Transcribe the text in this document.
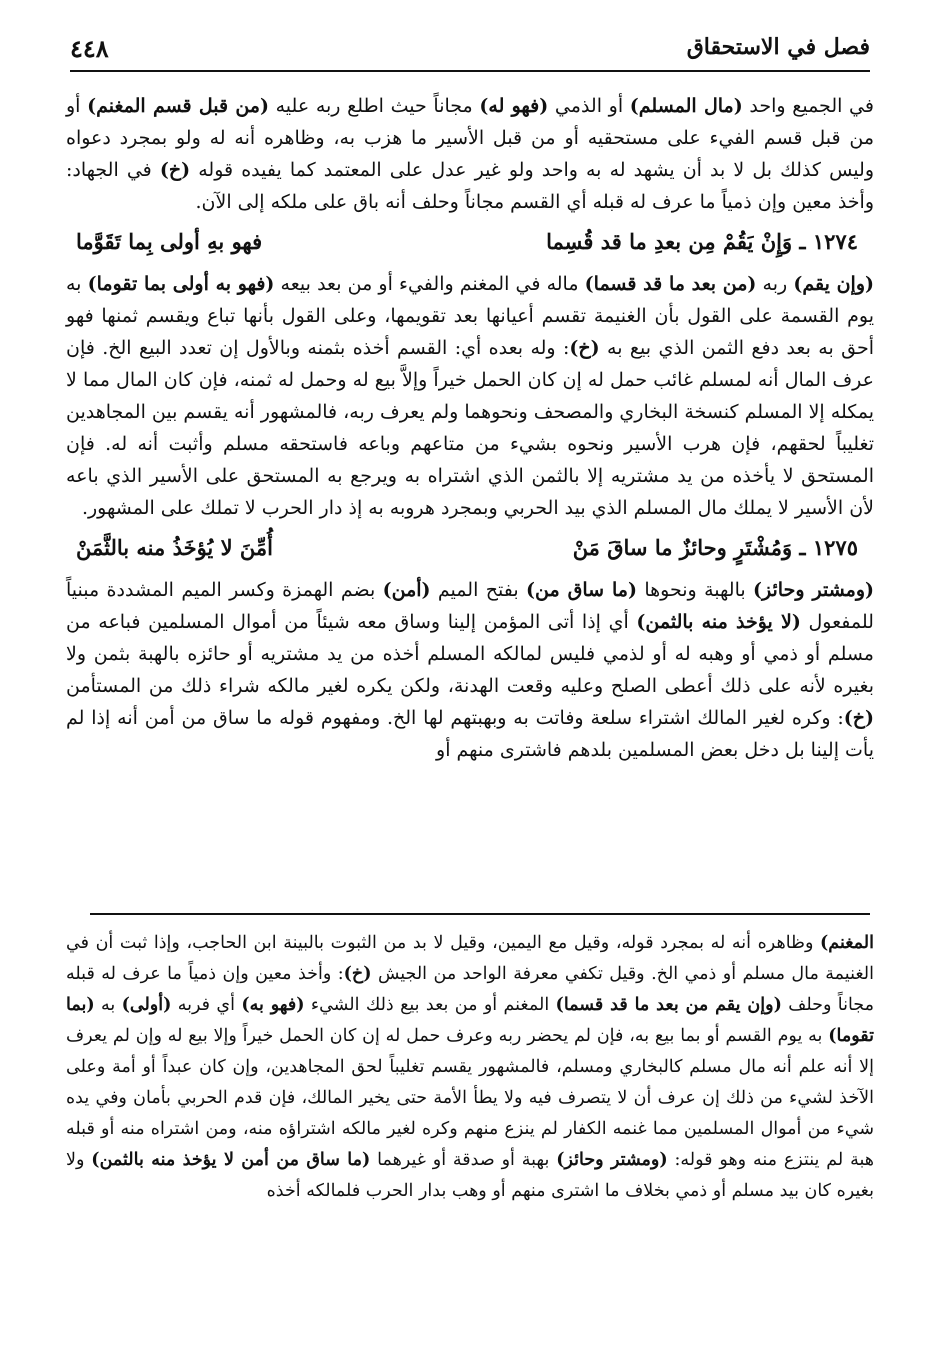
٤٤٨	فصل في الاستحقاق

في الجميع واحد (مال المسلم) أو الذمي (فهو له) مجاناً حيث اطلع ربه عليه (من قبل قسم المغنم) أو من قبل قسم الفيء على مستحقيه أو من قبل الأسير ما هزب به، وظاهره أنه له ولو بمجرد دعواه وليس كذلك بل لا بد أن يشهد له به واحد ولو غير عدل على المعتمد كما يفيده قوله (خ) في الجهاد: وأخذ معين وإن ذمياً ما عرف له قبله أي القسم مجاناً وحلف أنه باق على ملكه إلى الآن.

١٢٧٤ ـ وَإِنْ يَقُمْ مِن بعدِ ما قد قُسِما
فهو بهِ أولى بِما تَقَوَّما

(وإن يقم) ربه (من بعد ما قد قسما) ماله في المغنم والفيء أو من بعد بيعه (فهو به أولى بما تقوما) به يوم القسمة على القول بأن الغنيمة تقسم أعيانها بعد تقويمها، وعلى القول بأنها تباع ويقسم ثمنها فهو أحق به بعد دفع الثمن الذي بيع به (خ): وله بعده أي: القسم أخذه بثمنه وبالأول إن تعدد البيع الخ. فإن عرف المال أنه لمسلم غائب حمل له إن كان الحمل خيراً وإلاَّ بيع له وحمل له ثمنه، فإن كان المال مما لا يمكله إلا المسلم كنسخة البخاري والمصحف ونحوهما ولم يعرف ربه، فالمشهور أنه يقسم بين المجاهدين تغليباً لحقهم، فإن هرب الأسير ونحوه بشيء من متاعهم وباعه فاستحقه مسلم وأثبت أنه له. فإن المستحق لا يأخذه من يد مشتريه إلا بالثمن الذي اشتراه به ويرجع به المستحق على الأسير الذي باعه لأن الأسير لا يملك مال المسلم الذي بيد الحربي وبمجرد هروبه به إذ دار الحرب لا تملك على المشهور.

١٢٧٥ ـ وَمُشْتَرٍ وحائزٌ ما ساقَ مَنْ
أُمِّنَ لا يُؤخَذُ منه بالثَّمَنْ

(ومشتر وحائز) بالهبة ونحوها (ما ساق من) بفتح الميم (أمن) بضم الهمزة وكسر الميم المشددة مبنياً للمفعول (لا يؤخذ منه بالثمن) أي إذا أتى المؤمن إلينا وساق معه شيئاً من أموال المسلمين فباعه من مسلم أو ذمي أو وهبه له أو لذمي فليس لمالكه المسلم أخذه من يد مشتريه أو حائزه بالهبة بثمن ولا بغيره لأنه على ذلك أعطى الصلح وعليه وقعت الهدنة، ولكن يكره لغير مالكه شراء ذلك من المستأمن (خ): وكره لغير المالك اشتراء سلعة وفاتت به وبهبتهم لها الخ. ومفهوم قوله ما ساق من أمن أنه إذا لم يأت إلينا بل دخل بعض المسلمين بلدهم فاشترى منهم أو

المغنم) وظاهره أنه له بمجرد قوله، وقيل مع اليمين، وقيل لا بد من الثبوت بالبينة ابن الحاجب، وإذا ثبت أن في الغنيمة مال مسلم أو ذمي الخ. وقيل تكفي معرفة الواحد من الجيش (خ): وأخذ معين وإن ذمياً ما عرف له قبله مجاناً وحلف (وإن يقم من بعد ما قد قسما) المغنم أو من بعد بيع ذلك الشيء (فهو به) أي فربه (أولى) به (بما تقوما) به يوم القسم أو بما بيع به، فإن لم يحضر ربه وعرف حمل له إن كان الحمل خيراً وإلا بيع له وإن لم يعرف إلا أنه علم أنه مال مسلم كالبخاري ومسلم، فالمشهور يقسم تغليباً لحق المجاهدين، وإن كان عبداً أو أمة وعلى الآخذ لشيء من ذلك إن عرف أن لا يتصرف فيه ولا يطأ الأمة حتى يخير المالك، فإن قدم الحربي بأمان وفي يده شيء من أموال المسلمين مما غنمه الكفار لم ينزع منهم وكره لغير مالكه اشتراؤه منه، ومن اشتراه منه أو قبله هبة لم ينتزع منه وهو قوله: (ومشتر وحائز) بهبة أو صدقة أو غيرهما (ما ساق من أمن لا يؤخذ منه بالثمن) ولا بغيره كان بيد مسلم أو ذمي بخلاف ما اشترى منهم أو وهب بدار الحرب فلمالكه أخذه
